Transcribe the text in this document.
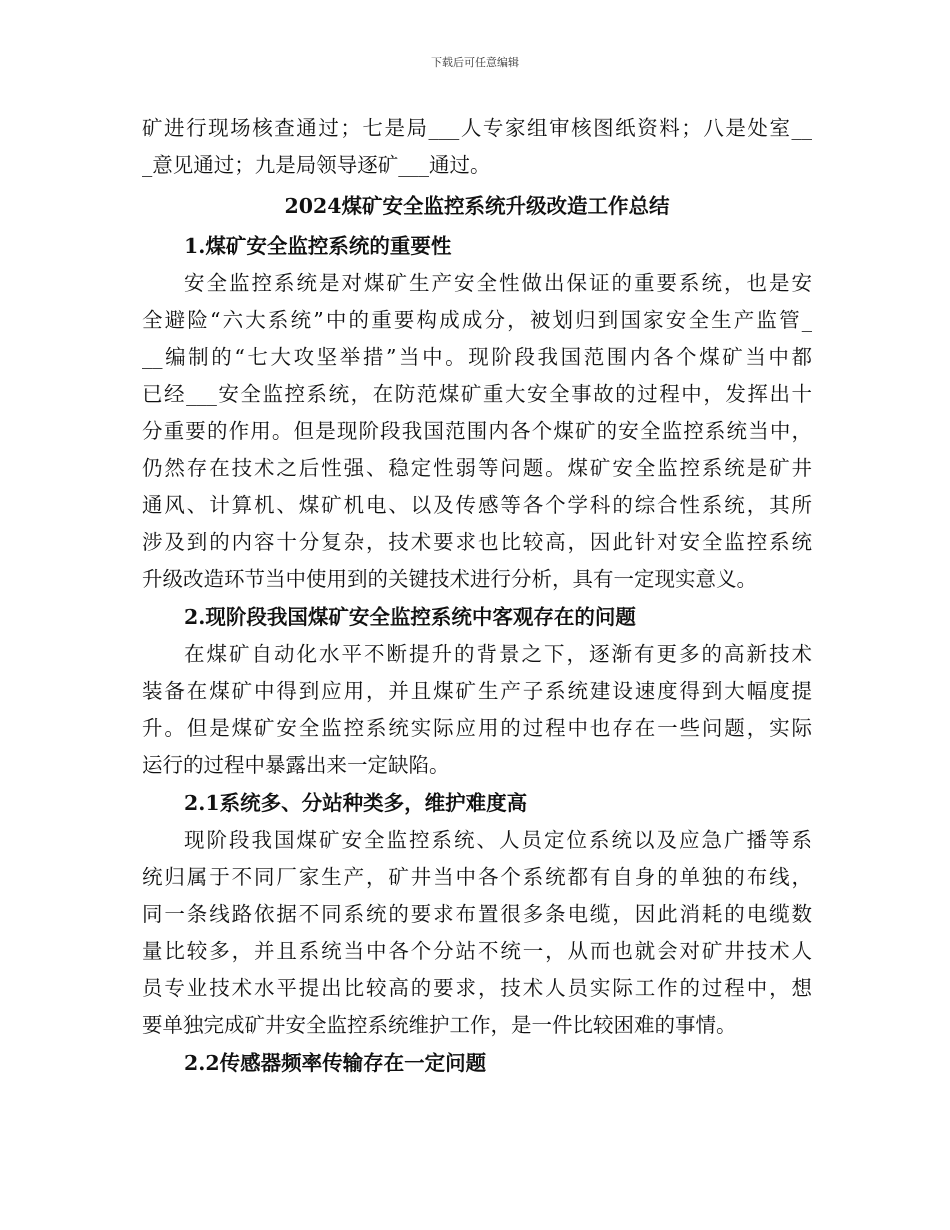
下载后可任意编辑
矿进行现场核查通过；七是局___人专家组审核图纸资料；八是处室__
_意见通过；九是局领导逐矿___通过。
2024煤矿安全监控系统升级改造工作总结
1.煤矿安全监控系统的重要性
安全监控系统是对煤矿生产安全性做出保证的重要系统，也是安
全避险“六大系统”中的重要构成成分，被划归到国家安全生产监管_
__编制的“七大攻坚举措”当中。现阶段我国范围内各个煤矿当中都
已经___安全监控系统，在防范煤矿重大安全事故的过程中，发挥出十
分重要的作用。但是现阶段我国范围内各个煤矿的安全监控系统当中，
仍然存在技术之后性强、稳定性弱等问题。煤矿安全监控系统是矿井
通风、计算机、煤矿机电、以及传感等各个学科的综合性系统，其所
涉及到的内容十分复杂，技术要求也比较高，因此针对安全监控系统
升级改造环节当中使用到的关键技术进行分析，具有一定现实意义。
2.现阶段我国煤矿安全监控系统中客观存在的问题
在煤矿自动化水平不断提升的背景之下，逐渐有更多的高新技术
装备在煤矿中得到应用，并且煤矿生产子系统建设速度得到大幅度提
升。但是煤矿安全监控系统实际应用的过程中也存在一些问题，实际
运行的过程中暴露出来一定缺陷。
2.1系统多、分站种类多，维护难度高
现阶段我国煤矿安全监控系统、人员定位系统以及应急广播等系
统归属于不同厂家生产，矿井当中各个系统都有自身的单独的布线，
同一条线路依据不同系统的要求布置很多条电缆，因此消耗的电缆数
量比较多，并且系统当中各个分站不统一，从而也就会对矿井技术人
员专业技术水平提出比较高的要求，技术人员实际工作的过程中，想
要单独完成矿井安全监控系统维护工作，是一件比较困难的事情。
2.2传感器频率传输存在一定问题
